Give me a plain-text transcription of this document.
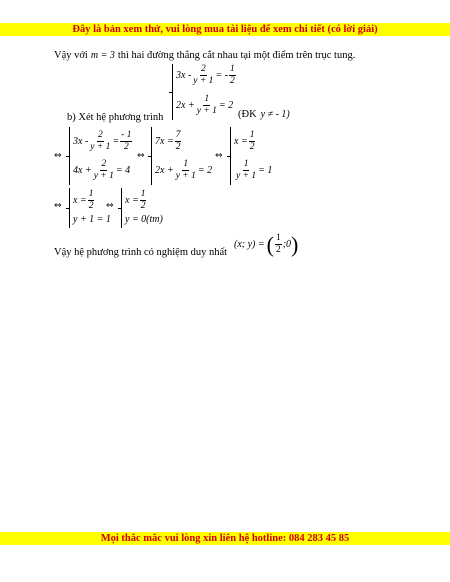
Đây là bản xem thử, vui lòng mua tài liệu để xem chi tiết (có lời giải)
Vậy với m = 3 thì hai đường thẳng cắt nhau tại một điểm trên trục tung.
$3x - \frac{2}{y + 1}$ = - $\frac{1}{2}$
$2x + \frac{1}{y + 1} = 2$
b) Xét hệ phương trình	(ĐK y ≠ - 1)
⇔
$3x - \frac{2}{y + 1} = \frac{- 1}{2}$
$4x + \frac{2}{y + 1} = 4$
⇔
$7x = \frac{7}{2}$
$2x + \frac{1}{y + 1} = 2$
⇔
$x = \frac{1}{2}$
$\frac{1}{y + 1} = 1$
⇔ $x = \frac{1}{2}$
y + 1 = 1
⇔ $x = \frac{1}{2}$
y = 0(tm)
Vậy hệ phương trình có nghiệm duy nhất
(x; y) = ( $\frac{1}{2}$ ;0 )
Mọi thắc mắc vui lòng xin liên hệ hotline: 084 283 45 85
